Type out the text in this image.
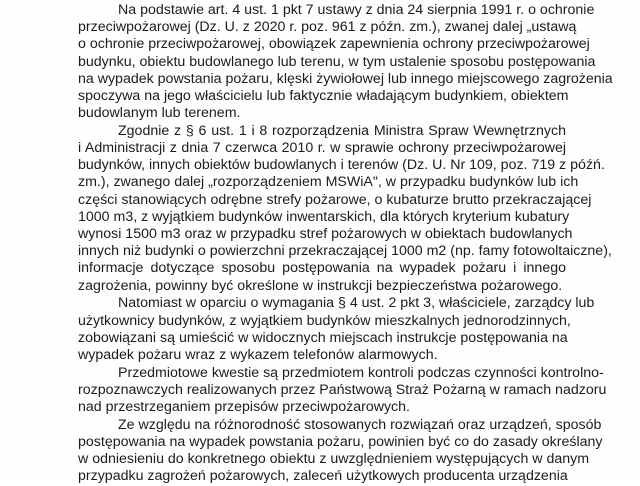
Na podstawie art. 4 ust. 1 pkt 7 ustawy z dnia 24 sierpnia 1991 r. o ochronie
przeciwpożarowej (Dz. U. z 2020 r. poz. 961 z późn. zm.), zwanej dalej „ustawą
o ochronie przeciwpożarowej, obowiązek zapewnienia ochrony przeciwpożarowej
budynku, obiektu budowlanego lub terenu, w tym ustalenie sposobu postępowania
na wypadek powstania pożaru, klęski żywiołowej lub innego miejscowego zagrożenia
spoczywa na jego właścicielu lub faktycznie władającym budynkiem, obiektem
budowlanym lub terenem.

Zgodnie z § 6 ust. 1 i 8 rozporządzenia Ministra Spraw Wewnętrznych
i Administracji z dnia 7 czerwca 2010 r. w sprawie ochrony przeciwpożarowej
budynków, innych obiektów budowlanych i terenów (Dz. U. Nr 109, poz. 719 z późń.
zm.), zwanego dalej „rozporządzeniem MSWiA", w przypadku budynków lub ich
części stanowiących odrębne strefy pożarowe, o kubaturze brutto przekraczającej
1000 m3, z wyjątkiem budynków inwentarskich, dla których kryterium kubatury
wynosi 1500 m3 oraz w przypadku stref pożarowych w obiektach budowlanych
innych niż budynki o powierzchni przekraczającej 1000 m2 (np. famy fotowoltaiczne),
informacje dotyczące sposobu postępowania na wypadek pożaru i innego
zagrożenia, powinny być określone w instrukcji bezpieczeństwa pożarowego.

Natomiast w oparciu o wymagania § 4 ust. 2 pkt 3, właściciele, zarządcy lub
użytkownicy budynków, z wyjątkiem budynków mieszkalnych jednorodzinnych,
zobowiązani są umieścić w widocznych miejscach instrukcje postępowania na
wypadek pożaru wraz z wykazem telefonów alarmowych.

Przedmiotowe kwestie są przedmiotem kontroli podczas czynności kontrolno-
rozpoznawczych realizowanych przez Państwową Straż Pożarną w ramach nadzoru
nad przestrzeganiem przepisów przeciwpożarowych.

Ze względu na różnorodność stosowanych rozwiązań oraz urządzeń, sposób
postępowania na wypadek powstania pożaru, powinien być co do zasady określany
w odniesieniu do konkretnego obiektu z uwzględnieniem występujących w danym
przypadku zagrożeń pożarowych, zaleceń użytkowych producenta urządzenia
